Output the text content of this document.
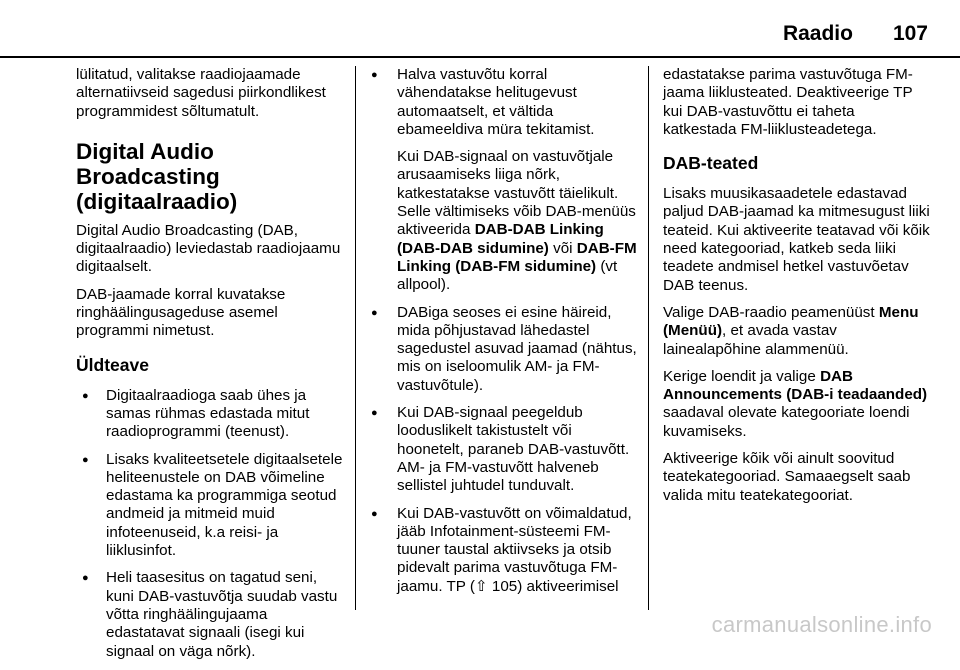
Raadio 107

lülitatud, valitakse raadiojaamade alternatiivseid sagedusi piirkondlikest programmidest sõltumatult.

Digital Audio Broadcasting (digitaalraadio)

Digital Audio Broadcasting (DAB, digitaalraadio) leviedastab raadiojaamu digitaalselt.

DAB-jaamade korral kuvatakse ringhäälingusageduse asemel programmi nimetust.

Üldteave
● Digitaalraadioga saab ühes ja samas rühmas edastada mitut raadioprogrammi (teenust).
● Lisaks kvaliteetsetele digitaalsetele heliteenustele on DAB võimeline edastama ka programmiga seotud andmeid ja mitmeid muid infoteenuseid, k.a reisi- ja liiklusinfot.
● Heli taasesitus on tagatud seni, kuni DAB-vastuvõtja suudab vastu võtta ringhäälingujaama edastatavat signaali (isegi kui signaal on väga nõrk).
● Halva vastuvõtu korral vähendatakse helitugevust automaatselt, et vältida ebameeldiva müra tekitamist.
Kui DAB-signaal on vastuvõtjale arusaamiseks liiga nõrk, katkestatakse vastuvõtt täielikult. Selle vältimiseks võib DAB-menüüs aktiveerida DAB-DAB Linking (DAB-DAB sidumine) või DAB-FM Linking (DAB-FM sidumine) (vt allpool).
● DABiga seoses ei esine häireid, mida põhjustavad lähedastel sagedustel asuvad jaamad (nähtus, mis on iseloomulik AM- ja FM-vastuvõtule).
● Kui DAB-signaal peegeldub looduslikelt takistustelt või hoonetelt, paraneb DAB-vastuvõtt. AM- ja FM-vastuvõtt halveneb sellistel juhtudel tunduvalt.
● Kui DAB-vastuvõtt on võimaldatud, jääb Infotainment-süsteemi FM-tuuner taustal aktiivseks ja otsib pidevalt parima vastuvõtuga FM-jaamu. TP (⇧ 105) aktiveerimisel

edastatakse parima vastuvõtuga FM-jaama liiklusteated. Deaktiveerige TP kui DAB-vastuvõttu ei taheta katkestada FM-liiklusteadetega.

DAB-teated

Lisaks muusikasaadetele edastavad paljud DAB-jaamad ka mitmesugust liiki teateid. Kui aktiveerite teatavad või kõik need kategooriad, katkeb seda liiki teadete andmisel hetkel vastuvõetav DAB teenus.

Valige DAB-raadio peamenüüst Menu (Menüü), et avada vastav lainealapõhine alammenüü.

Kerige loendit ja valige DAB Announcements (DAB-i teadaanded) saadaval olevate kategooriate loendi kuvamiseks.

Aktiveerige kõik või ainult soovitud teatekategooriad. Samaaegselt saab valida mitu teatekategooriat.

carmanualsonline.info
